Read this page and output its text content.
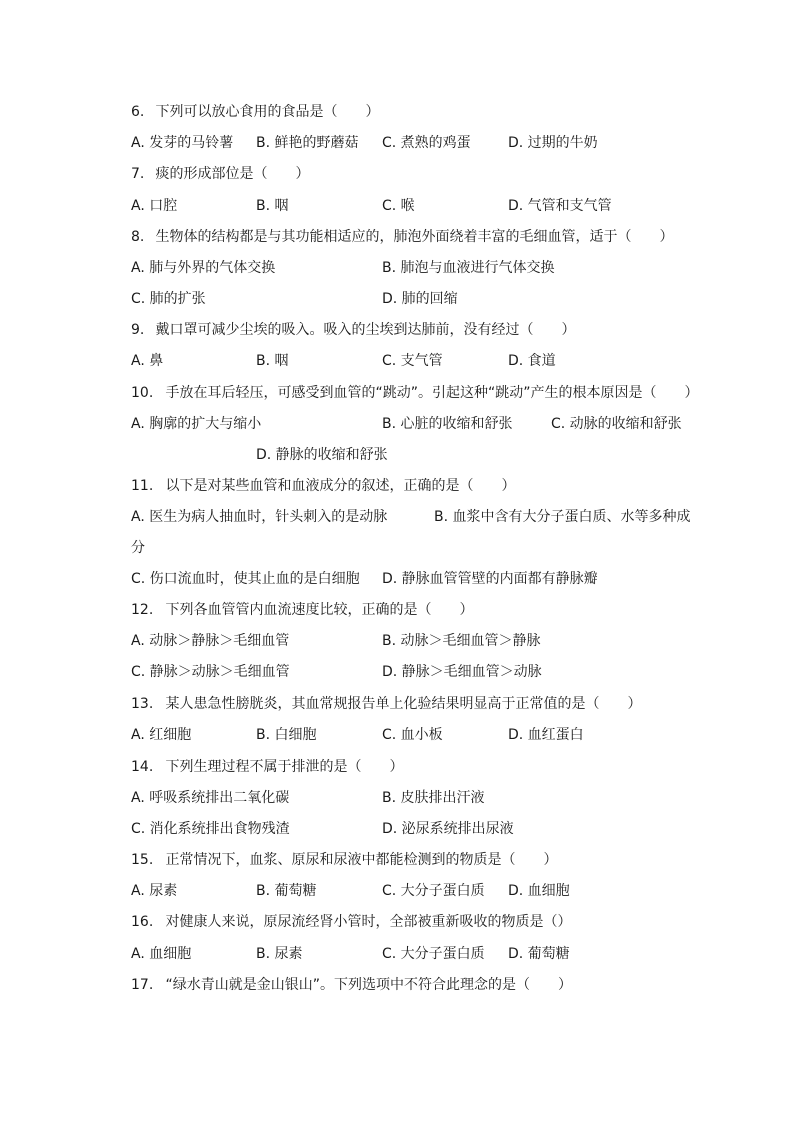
6. 下列可以放心食用的食品是（　　）
A. 发芽的马铃薯 B. 鲜艳的野蘑菇 C. 煮熟的鸡蛋	D. 过期的牛奶
7. 痰的形成部位是（　　）
A. 口腔	B. 咽	C. 喉	D. 气管和支气管
8. 生物体的结构都是与其功能相适应的，肺泡外面绕着丰富的毛细血管，适于（　　）
A. 肺与外界的气体交换	B. 肺泡与血液进行气体交换
C. 肺的扩张	D. 肺的回缩
9. 戴口罩可减少尘埃的吸入。吸入的尘埃到达肺前，没有经过（　　）
A. 鼻	B. 咽	C. 支气管	D. 食道
10. 手放在耳后轻压，可感受到血管的“跳动”。引起这种“跳动”产生的根本原因是（　　）
A. 胸廓的扩大与缩小	B. 心脏的收缩和舒张	C. 动脉的收缩和舒张
D. 静脉的收缩和舒张
11. 以下是对某些血管和血液成分的叙述，正确的是（　　）
A. 医生为病人抽血时，针头刺入的是动脉	B. 血浆中含有大分子蛋白质、水等多种成
分
C. 伤口流血时，使其止血的是白细胞 D. 静脉血管管壁的内面都有静脉瓣
12. 下列各血管管内血流速度比较，正确的是（　　）
A. 动脉＞静脉＞毛细血管	B. 动脉＞毛细血管＞静脉
C. 静脉＞动脉＞毛细血管	D. 静脉＞毛细血管＞动脉
13. 某人患急性膀胱炎，其血常规报告单上化验结果明显高于正常值的是（　　）
A. 红细胞	B. 白细胞	C. 血小板	D. 血红蛋白
14. 下列生理过程不属于排泄的是（　　）
A. 呼吸系统排出二氧化碳	B. 皮肤排出汗液
C. 消化系统排出食物残渣	D. 泌尿系统排出尿液
15. 正常情况下，血浆、原尿和尿液中都能检测到的物质是（　　）
A. 尿素	B. 葡萄糖	C. 大分子蛋白质 D. 血细胞
16. 对健康人来说，原尿流经肾小管时，全部被重新吸收的物质是（）
A. 血细胞	B. 尿素	C. 大分子蛋白质 D. 葡萄糖
17. “绿水青山就是金山银山”。下列选项中不符合此理念的是（　　）
